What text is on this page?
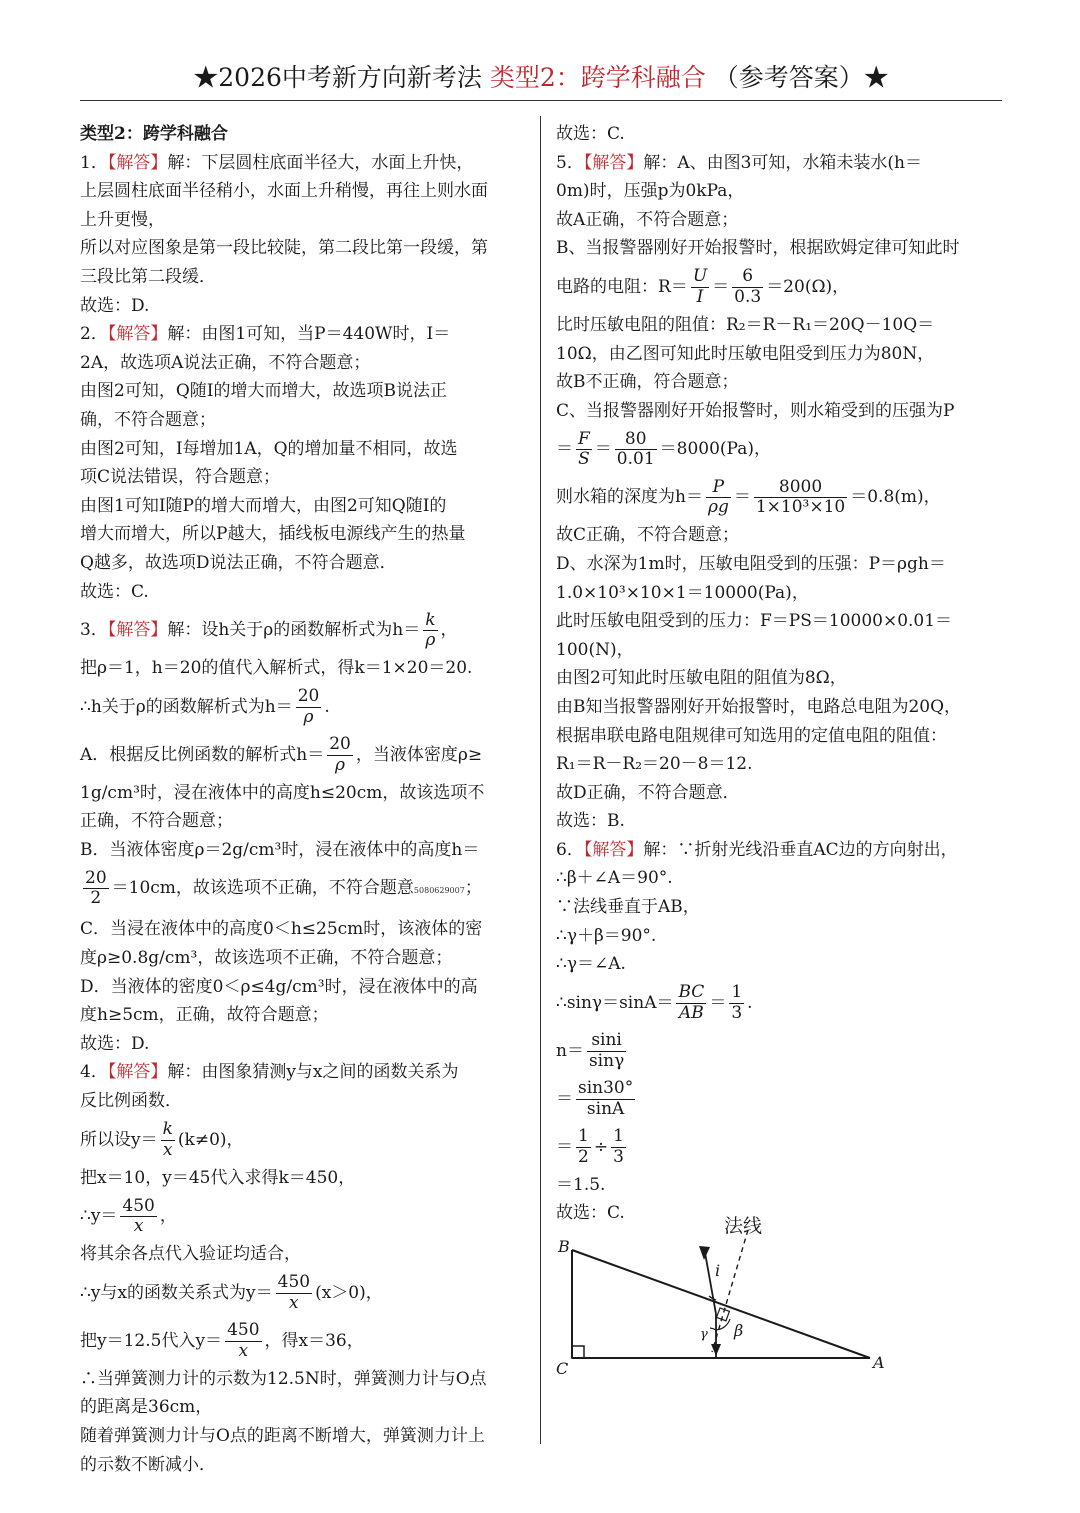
★2026中考新方向新考法 类型2：跨学科融合 （参考答案）★
类型2：跨学科融合
1．【解答】解：下层圆柱底面半径大，水面上升快，
上层圆柱底面半径稍小，水面上升稍慢，再往上则水面
上升更慢，
所以对应图象是第一段比较陡，第二段比第一段缓，第
三段比第二段缓．
故选：D.
2．【解答】解：由图1可知，当P＝440W时，I＝
2A，故选项A说法正确，不符合题意；
由图2可知，Q随I的增大而增大，故选项B说法正
确，不符合题意；
由图2可知，I每增加1A，Q的增加量不相同，故选
项C说法错误，符合题意；
由图1可知I随P的增大而增大，由图2可知Q随I的
增大而增大，所以P越大，插线板电源线产生的热量
Q越多，故选项D说法正确，不符合题意．
故选：C.
3．【解答】解：设h关于ρ的函数解析式为$h= \frac{k}{\rho}$ ，
把ρ＝1，h＝20的值代入解析式，得k＝1×20＝20.
∴h关于ρ的函数解析式为$h= \frac{20}{\rho}$ .
A．根据反比例函数的解析式$h= \frac{20}{\rho}$ ，当液体密度ρ≥
1g/cm³时，浸在液体中的高度h≤20cm，故该选项不
正确，不符合题意；
B．当液体密度ρ＝2g/cm³时，浸在液体中的高度h＝
$\frac{20}{2} =10cm$，故该选项不正确，不符合题意5080629007；
C．当浸在液体中的高度0＜h≤25cm时，该液体的密
度ρ≥0.8g/cm³，故该选项不正确，不符合题意；
D．当液体的密度0＜ρ≤4g/cm³时，浸在液体中的高
度h≥5cm，正确，故符合题意；
故选：D.
4．【解答】解：由图象猜测y与x之间的函数关系为
反比例函数．
所以设$y= \frac{k}{x} (k\ne 0)$，
把x＝10，y＝45代入求得k＝450，
∴y＝ $\frac{450}{x}$ ，
将其余各点代入验证均适合，
∴y与x的函数关系式为$y= \frac{450}{x} (x>0)$，
把y＝12.5代入$y= \frac{450}{x}$ ，得x＝36，
∴当弹簧测力计的示数为12.5N时，弹簧测力计与O点
的距离是36cm，
随着弹簧测力计与O点的距离不断增大，弹簧测力计上
的示数不断减小．
故选：C.
5．【解答】解：A、由图3可知，水箱未装水(h＝
0m)时，压强p为0kPa，
故A正确，不符合题意；
B、当报警器刚好开始报警时，根据欧姆定律可知此时
电路的电阻：$R= \frac{U}{I} = \frac{6}{0.3} =20(\Omega)$，
比时压敏电阻的阻值：R₂＝R－R₁＝20Q－10Q＝
10Ω，由乙图可知此时压敏电阻受到压力为80N，
故B不正确，符合题意；
C、当报警器刚好开始报警时，则水箱受到的压强为P
＝ $\frac{F}{S} = \frac{80}{0.01} =8000(Pa)$，
则水箱的深度为$h= \frac{P}{\rho g} = \frac{8000}{\text{1×10³×10}} =0.8(m)$，
故C正确，不符合题意；
D、水深为1m时，压敏电阻受到的压强：P＝ρgh＝
1.0×10³×10×1＝10000(Pa)，
此时压敏电阻受到的压力：F＝PS＝10000×0.01＝
100(N)，
由图2可知此时压敏电阻的阻值为8Ω，
由B知当报警器刚好开始报警时，电路总电阻为20Q，
根据串联电路电阻规律可知选用的定值电阻的阻值：
R₁＝R－R₂＝20－8＝12.
故D正确，不符合题意．
故选：B.
6．【解答】解：∵折射光线沿垂直AC边的方向射出，
∴β＋∠A＝90°.
∵法线垂直于AB，
∴γ＋β＝90°.
∴γ＝∠A.
∴sinγ＝sinA＝ $\frac{BC}{AB} = \frac{1}{3}$ .
$n= \frac{\sin i}{\sin\gamma}$
＝ $\frac{\sin 30^\circ}{\sin A}$
＝ $\frac{1}{2} \div \frac{1}{3}$
＝1.5.
故选：C.
法线
B
C	A
i
β
γ
